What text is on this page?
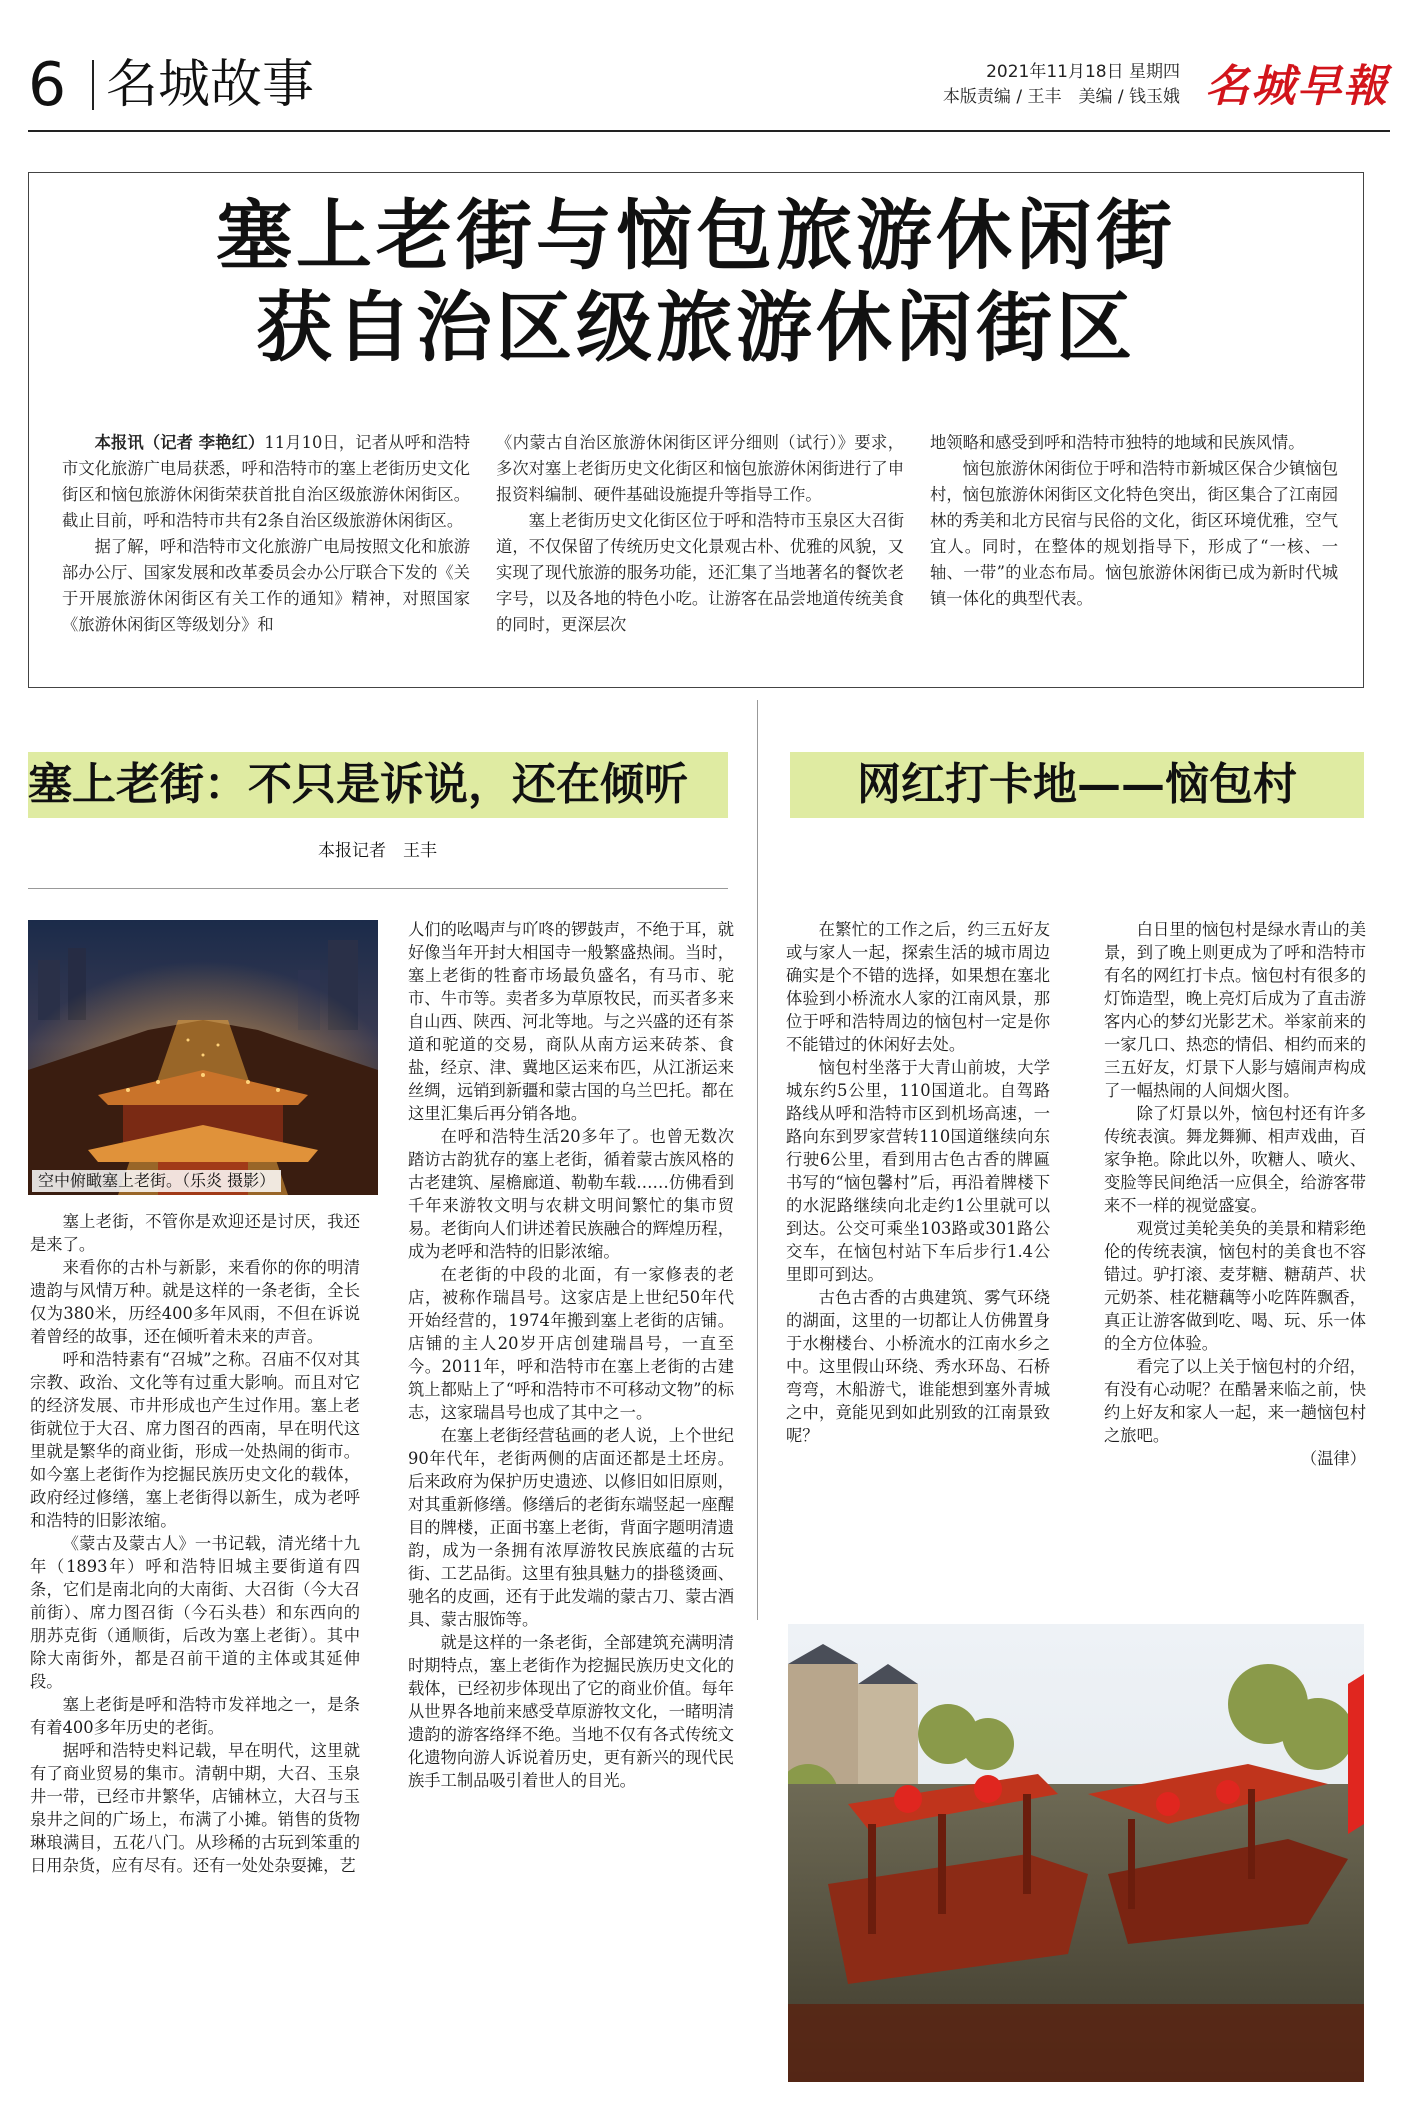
6 名城故事	2021年11月18日 星期四
本版责编 / 王丰　美编 / 钱玉娥 名城早報
塞上老街与恼包旅游休闲街
获自治区级旅游休闲街区

本报讯（记者 李艳红）11月10日，记者从呼和浩特市文化旅游广电局获悉，呼和浩特市的塞上老街历史文化街区和恼包旅游休闲街荣获首批自治区级旅游休闲街区。截止目前，呼和浩特市共有2条自治区级旅游休闲街区。

据了解，呼和浩特市文化旅游广电局按照文化和旅游部办公厅、国家发展和改革委员会办公厅联合下发的《关于开展旅游休闲街区有关工作的通知》精神，对照国家《旅游休闲街区等级划分》和

《内蒙古自治区旅游休闲街区评分细则（试行）》要求，多次对塞上老街历史文化街区和恼包旅游休闲街进行了申报资料编制、硬件基础设施提升等指导工作。

塞上老街历史文化街区位于呼和浩特市玉泉区大召街道，不仅保留了传统历史文化景观古朴、优雅的风貌，又实现了现代旅游的服务功能，还汇集了当地著名的餐饮老字号，以及各地的特色小吃。让游客在品尝地道传统美食的同时，更深层次

地领略和感受到呼和浩特市独特的地域和民族风情。

恼包旅游休闲街位于呼和浩特市新城区保合少镇恼包村，恼包旅游休闲街区文化特色突出，街区集合了江南园林的秀美和北方民宿与民俗的文化，街区环境优雅，空气宜人。同时，在整体的规划指导下，形成了“一核、一轴、一带”的业态布局。恼包旅游休闲街已成为新时代城镇一体化的典型代表。

塞上老街：不只是诉说，还在倾听	网红打卡地——恼包村
本报记者　王丰
空中俯瞰塞上老街。（乐炎 摄影）

塞上老街，不管你是欢迎还是讨厌，我还是来了。

来看你的古朴与新影，来看你的你的明清遗韵与风情万种。就是这样的一条老街，全长仅为380米，历经400多年风雨，不但在诉说着曾经的故事，还在倾听着未来的声音。

呼和浩特素有“召城”之称。召庙不仅对其宗教、政治、文化等有过重大影响。而且对它的经济发展、市井形成也产生过作用。塞上老街就位于大召、席力图召的西南，早在明代这里就是繁华的商业街，形成一处热闹的街市。如今塞上老街作为挖掘民族历史文化的载体，政府经过修缮，塞上老街得以新生，成为老呼和浩特的旧影浓缩。

《蒙古及蒙古人》一书记载，清光绪十九年（1893年）呼和浩特旧城主要街道有四条，它们是南北向的大南街、大召街（今大召前街）、席力图召街（今石头巷）和东西向的朋苏克街（通顺街，后改为塞上老街）。其中除大南街外，都是召前干道的主体或其延伸段。

塞上老街是呼和浩特市发祥地之一，是条有着400多年历史的老街。

据呼和浩特史料记载，早在明代，这里就有了商业贸易的集市。清朝中期，大召、玉泉井一带，已经市井繁华，店铺林立，大召与玉泉井之间的广场上，布满了小摊。销售的货物琳琅满目，五花八门。从珍稀的古玩到笨重的日用杂货，应有尽有。还有一处处杂耍摊，艺

人们的吆喝声与吖咚的锣鼓声，不绝于耳，就好像当年开封大相国寺一般繁盛热闹。当时，塞上老街的牲畜市场最负盛名，有马市、驼市、牛市等。卖者多为草原牧民，而买者多来自山西、陕西、河北等地。与之兴盛的还有茶道和驼道的交易，商队从南方运来砖茶、食盐，经京、津、冀地区运来布匹，从江浙运来丝绸，远销到新疆和蒙古国的乌兰巴托。都在这里汇集后再分销各地。

在呼和浩特生活20多年了。也曾无数次踏访古韵犹存的塞上老街，循着蒙古族风格的古老建筑、屋檐廊道、勒勒车载……仿佛看到千年来游牧文明与农耕文明间繁忙的集市贸易。老街向人们讲述着民族融合的辉煌历程，成为老呼和浩特的旧影浓缩。

在老街的中段的北面，有一家修表的老店，被称作瑞昌号。这家店是上世纪50年代开始经营的，1974年搬到塞上老街的店铺。店铺的主人20岁开店创建瑞昌号，一直至今。2011年，呼和浩特市在塞上老街的古建筑上都贴上了“呼和浩特市不可移动文物”的标志，这家瑞昌号也成了其中之一。

在塞上老街经营毡画的老人说，上个世纪90年代年，老街两侧的店面还都是土坯房。后来政府为保护历史遗迹、以修旧如旧原则，对其重新修缮。修缮后的老街东端竖起一座醒目的牌楼，正面书塞上老街，背面字题明清遗韵，成为一条拥有浓厚游牧民族底蕴的古玩街、工艺品街。这里有独具魅力的掛毯烫画、驰名的皮画，还有于此发端的蒙古刀、蒙古酒具、蒙古服饰等。

就是这样的一条老街，全部建筑充满明清时期特点，塞上老街作为挖掘民族历史文化的载体，已经初步体现出了它的商业价值。每年从世界各地前来感受草原游牧文化，一睹明清遗韵的游客络绎不绝。当地不仅有各式传统文化遗物向游人诉说着历史，更有新兴的现代民族手工制品吸引着世人的目光。

在繁忙的工作之后，约三五好友或与家人一起，探索生活的城市周边确实是个不错的选择，如果想在塞北体验到小桥流水人家的江南风景，那位于呼和浩特周边的恼包村一定是你不能错过的休闲好去处。

恼包村坐落于大青山前坡，大学城东约5公里，110国道北。自驾路路线从呼和浩特市区到机场高速，一路向东到罗家营转110国道继续向东行驶6公里，看到用古色古香的牌匾书写的“恼包馨村”后，再沿着牌楼下的水泥路继续向北走约1公里就可以到达。公交可乘坐103路或301路公交车，在恼包村站下车后步行1.4公里即可到达。

古色古香的古典建筑、雾气环绕的湖面，这里的一切都让人仿佛置身于水榭楼台、小桥流水的江南水乡之中。这里假山环绕、秀水环岛、石桥弯弯，木船游弋，谁能想到塞外青城之中，竟能见到如此别致的江南景致呢？

白日里的恼包村是绿水青山的美景，到了晚上则更成为了呼和浩特市有名的网红打卡点。恼包村有很多的灯饰造型，晚上亮灯后成为了直击游客内心的梦幻光影艺术。举家前来的一家几口、热恋的情侣、相约而来的三五好友，灯景下人影与嬉闹声构成了一幅热闹的人间烟火图。

除了灯景以外，恼包村还有许多传统表演。舞龙舞狮、相声戏曲，百家争艳。除此以外，吹糖人、喷火、变脸等民间绝活一应俱全，给游客带来不一样的视觉盛宴。

观赏过美轮美奂的美景和精彩绝伦的传统表演，恼包村的美食也不容错过。驴打滚、麦芽糖、糖葫芦、状元奶茶、桂花糖藕等小吃阵阵飘香，真正让游客做到吃、喝、玩、乐一体的全方位体验。

看完了以上关于恼包村的介绍，有没有心动呢？在酷暑来临之前，快约上好友和家人一起，来一趟恼包村之旅吧。

（温律）
